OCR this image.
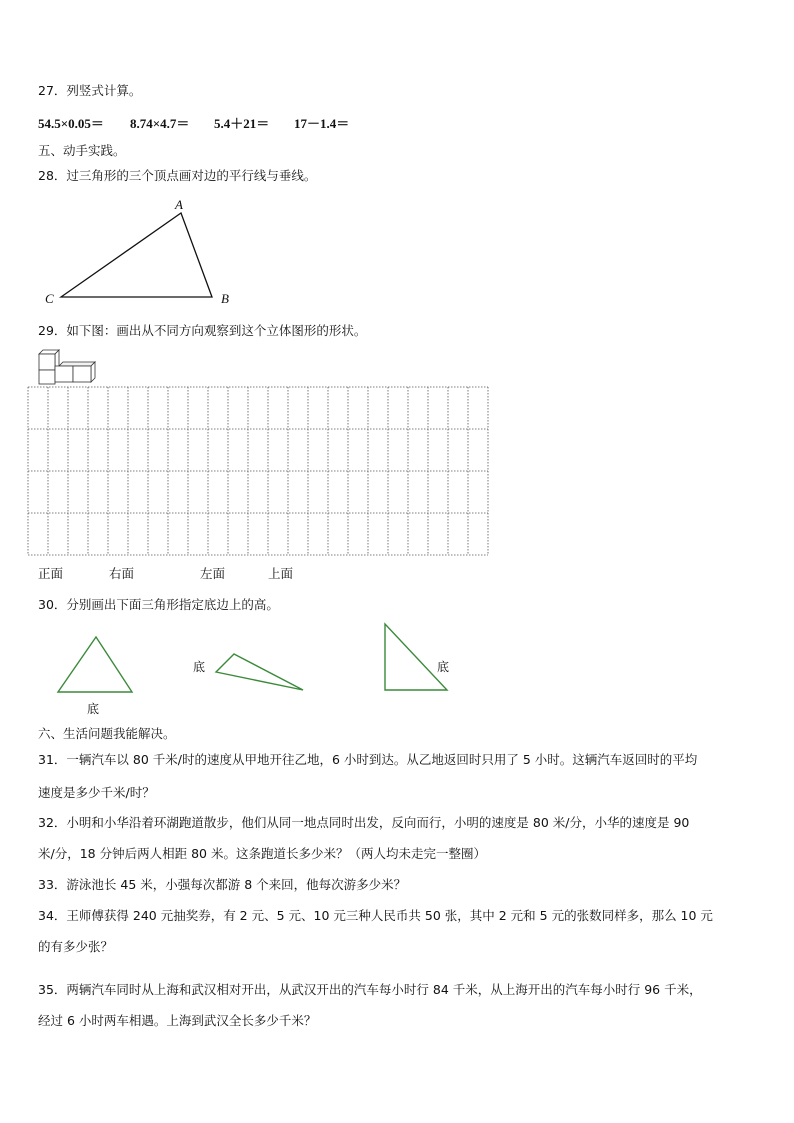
27．列竖式计算。
54.5×0.05＝ 8.74×4.7＝ 5.4＋21＝ 17－1.4＝
五、动手实践。
28．过三角形的三个顶点画对边的平行线与垂线。
A
B
C
29．如下图：画出从不同方向观察到这个立体图形的形状。
正面	右面	左面	上面
30．分别画出下面三角形指定底边上的高。
底
底	底
六、生活问题我能解决。
31．一辆汽车以 80 千米/时的速度从甲地开往乙地，6 小时到达。从乙地返回时只用了 5 小时。这辆汽车返回时的平均
速度是多少千米/时？
32．小明和小华沿着环湖跑道散步，他们从同一地点同时出发，反向而行，小明的速度是 80 米/分，小华的速度是 90
米/分，18 分钟后两人相距 80 米。这条跑道长多少米？（两人均未走完一整圈）
33．游泳池长 45 米，小强每次都游 8 个来回，他每次游多少米？
34．王师傅获得 240 元抽奖券，有 2 元、5 元、10 元三种人民币共 50 张，其中 2 元和 5 元的张数同样多，那么 10 元
的有多少张？
35．两辆汽车同时从上海和武汉相对开出，从武汉开出的汽车每小时行 84 千米，从上海开出的汽车每小时行 96 千米，
经过 6 小时两车相遇。上海到武汉全长多少千米？
